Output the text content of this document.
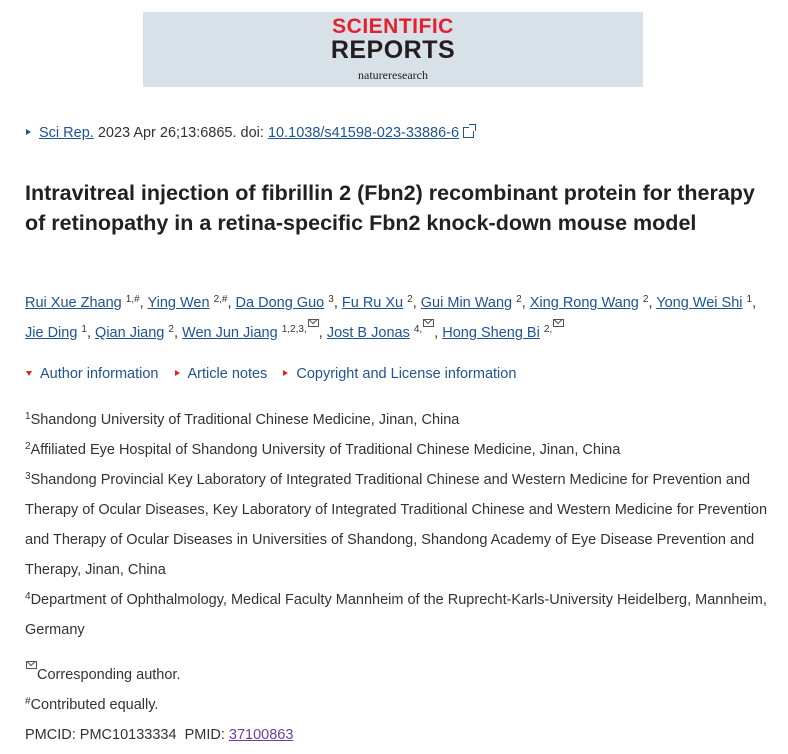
SCIENTIFIC
REPORTS
natureresearch
Sci Rep. 2023 Apr 26;13:6865. doi: 10.1038/s41598-023-33886-6
Intravitreal injection of fibrillin 2 (Fbn2) recombinant protein for therapy of retinopathy in a retina-specific Fbn2 knock-down mouse model
Rui Xue Zhang $^{1,\#}$, Ying Wen $^{2,\#}$, Da Dong Guo $^3$, Fu Ru Xu $^2$, Gui Min Wang $^2$, Xing Rong Wang $^2$, Yong Wei Shi $^1$,
Jie Ding $^1$, Qian Jiang $^2$, Wen Jun Jiang $^{1,2,3,}$ , Jost B Jonas $^{4,}$ , Hong Sheng Bi $^{2,}$
Author information Article notes Copyright and License information

$^1$Shandong University of Traditional Chinese Medicine, Jinan, China

$^2$Affiliated Eye Hospital of Shandong University of Traditional Chinese Medicine, Jinan, China

$^3$Shandong Provincial Key Laboratory of Integrated Traditional Chinese and Western Medicine for Prevention and Therapy of Ocular Diseases, Key Laboratory of Integrated Traditional Chinese and Western Medicine for Prevention and Therapy of Ocular Diseases in Universities of Shandong, Shandong Academy of Eye Disease Prevention and Therapy, Jinan, China

$^4$Department of Ophthalmology, Medical Faculty Mannheim of the Ruprecht-Karls-University Heidelberg, Mannheim, Germany

Corresponding author.

#Contributed equally.

PMCID: PMC10133334 PMID: 37100863
